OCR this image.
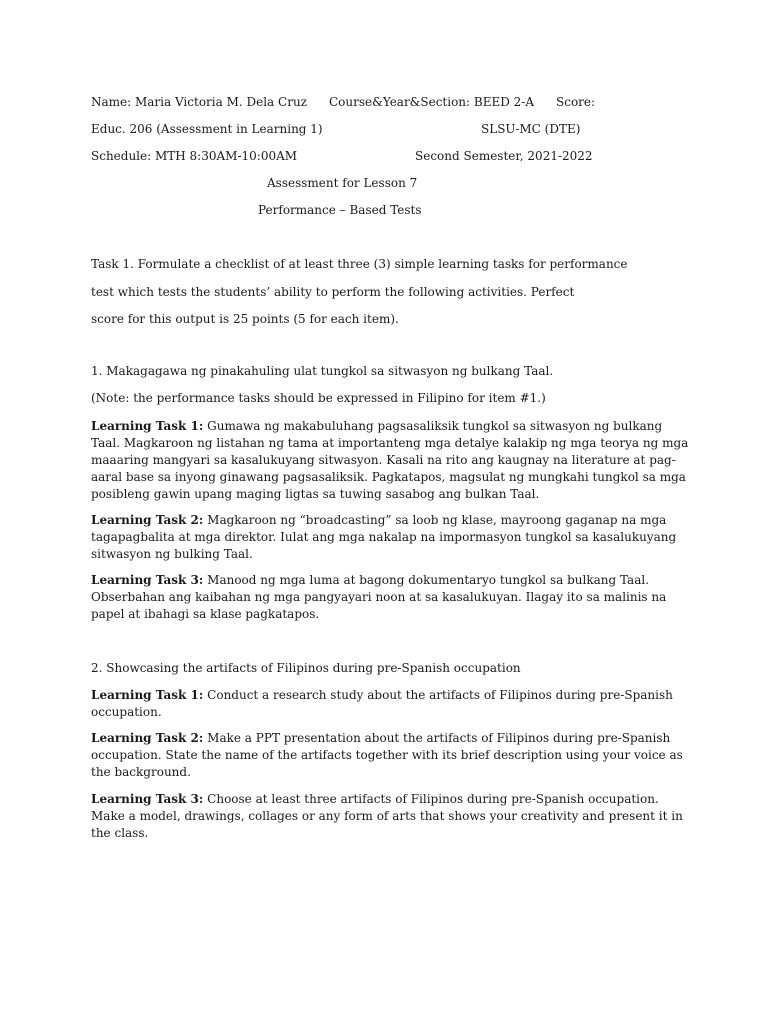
Name: Maria Victoria M. Dela Cruz Course&Year&Section: BEED 2-A Score:
Educ. 206 (Assessment in Learning 1)	SLSU-MC (DTE)
Schedule: MTH 8:30AM-10:00AM	Second Semester, 2021-2022
Assessment for Lesson 7
Performance – Based Tests
Task 1. Formulate a checklist of at least three (3) simple learning tasks for performance
test which tests the students’ ability to perform the following activities. Perfect
score for this output is 25 points (5 for each item).
1. Makagagawa ng pinakahuling ulat tungkol sa sitwasyon ng bulkang Taal.
(Note: the performance tasks should be expressed in Filipino for item #1.)
Learning Task 1: Gumawa ng makabuluhang pagsasaliksik tungkol sa sitwasyon ng bulkang Taal. Magkaroon ng listahan ng tama at importanteng mga detalye kalakip ng mga teorya ng mga maaaring mangyari sa kasalukuyang sitwasyon. Kasali na rito ang kaugnay na literature at pag-aaral base sa inyong ginawang pagsasaliksik. Pagkatapos, magsulat ng mungkahi tungkol sa mga posibleng gawin upang maging ligtas sa tuwing sasabog ang bulkan Taal.
Learning Task 2: Magkaroon ng “broadcasting” sa loob ng klase, mayroong gaganap na mga tagapagbalita at mga direktor. Iulat ang mga nakalap na impormasyon tungkol sa kasalukuyang sitwasyon ng bulking Taal.
Learning Task 3: Manood ng mga luma at bagong dokumentaryo tungkol sa bulkang Taal. Obserbahan ang kaibahan ng mga pangyayari noon at sa kasalukuyan. Ilagay ito sa malinis na papel at ibahagi sa klase pagkatapos.
2. Showcasing the artifacts of Filipinos during pre-Spanish occupation
Learning Task 1: Conduct a research study about the artifacts of Filipinos during pre-Spanish occupation.
Learning Task 2: Make a PPT presentation about the artifacts of Filipinos during pre-Spanish occupation. State the name of the artifacts together with its brief description using your voice as the background.
Learning Task 3: Choose at least three artifacts of Filipinos during pre-Spanish occupation. Make a model, drawings, collages or any form of arts that shows your creativity and present it in the class.
